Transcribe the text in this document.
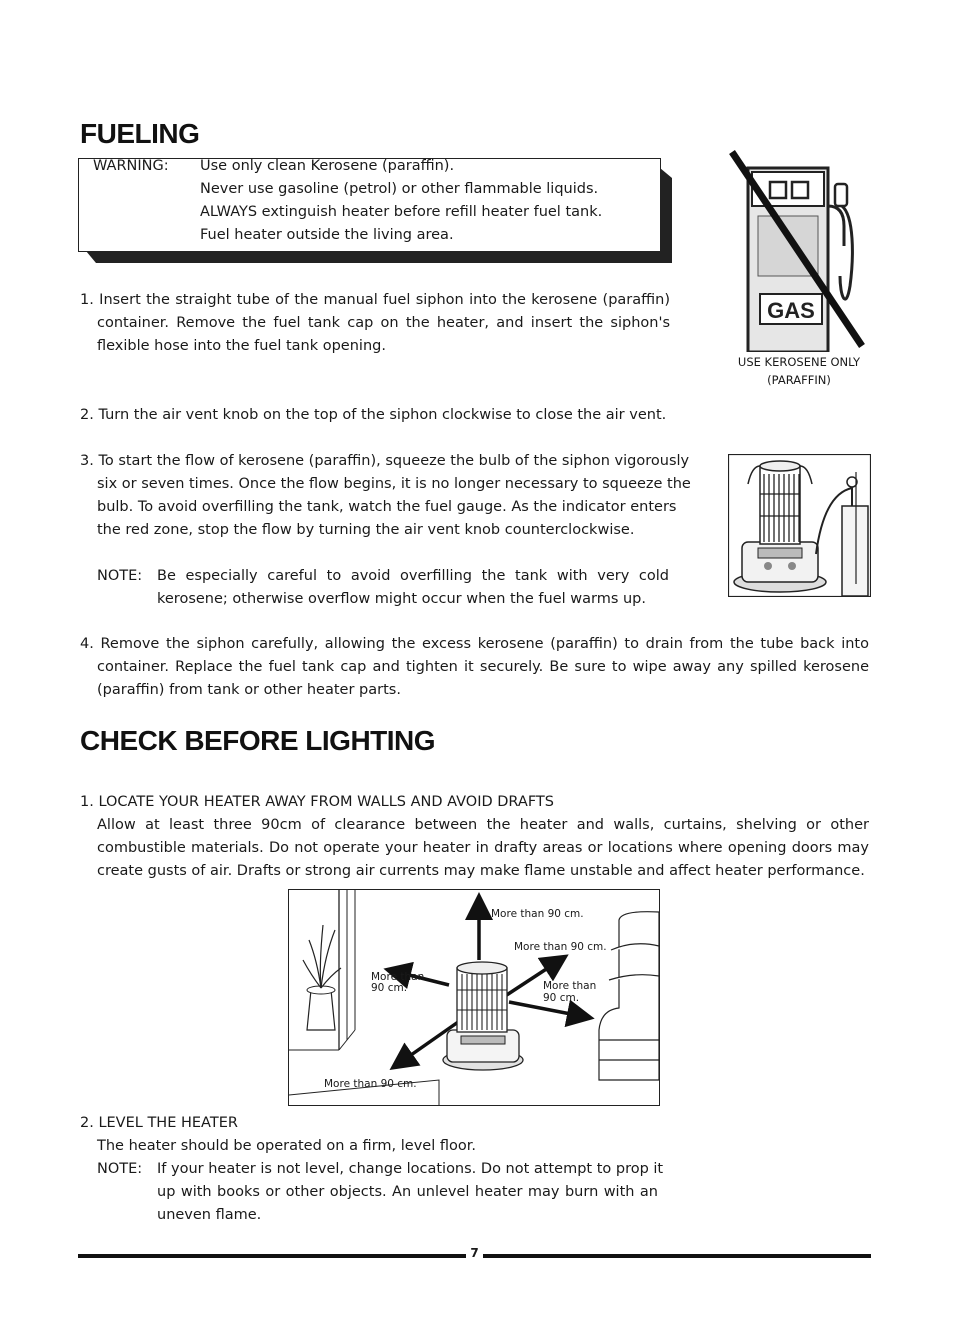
FUELING
WARNING: Use only clean Kerosene (paraffin).
Never use gasoline (petrol) or other flammable liquids.
ALWAYS extinguish heater before refill heater fuel tank.
Fuel heater outside the living area.
GAS
USE KEROSENE ONLY
(PARAFFIN)
1. Insert the straight tube of the manual fuel siphon into the kerosene (paraffin)
container. Remove the fuel tank cap on the heater, and insert the siphon's
flexible hose into the fuel tank opening.
2. Turn the air vent knob on the top of the siphon clockwise to close the air vent.
3. To start the flow of kerosene (paraffin), squeeze the bulb of the siphon vigorously
six or seven times. Once the flow begins, it is no longer necessary to squeeze the
bulb. To avoid overfilling the tank, watch the fuel gauge. As the indicator enters
the red zone, stop the flow by turning the air vent knob counterclockwise.
NOTE: Be especially careful to avoid overfilling the tank with very cold
kerosene; otherwise overflow might occur when the fuel warms up.
4. Remove the siphon carefully, allowing the excess kerosene (paraffin) to drain from the tube back into
container. Replace the fuel tank cap and tighten it securely. Be sure to wipe away any spilled kerosene
(paraffin) from tank or other heater parts.
CHECK BEFORE LIGHTING
1. LOCATE YOUR HEATER AWAY FROM WALLS AND AVOID DRAFTS
Allow at least three 90cm of clearance between the heater and walls, curtains, shelving or other
combustible materials. Do not operate your heater in drafty areas or locations where opening doors may
create gusts of air. Drafts or strong air currents may make flame unstable and affect heater performance.
More than 90 cm.
More than 90 cm.
More than
90 cm.	More than
90 cm.
More than 90 cm.
2. LEVEL THE HEATER
The heater should be operated on a firm, level floor.
NOTE: If your heater is not level, change locations. Do not attempt to prop it
up with books or other objects. An unlevel heater may burn with an
uneven flame.
7
